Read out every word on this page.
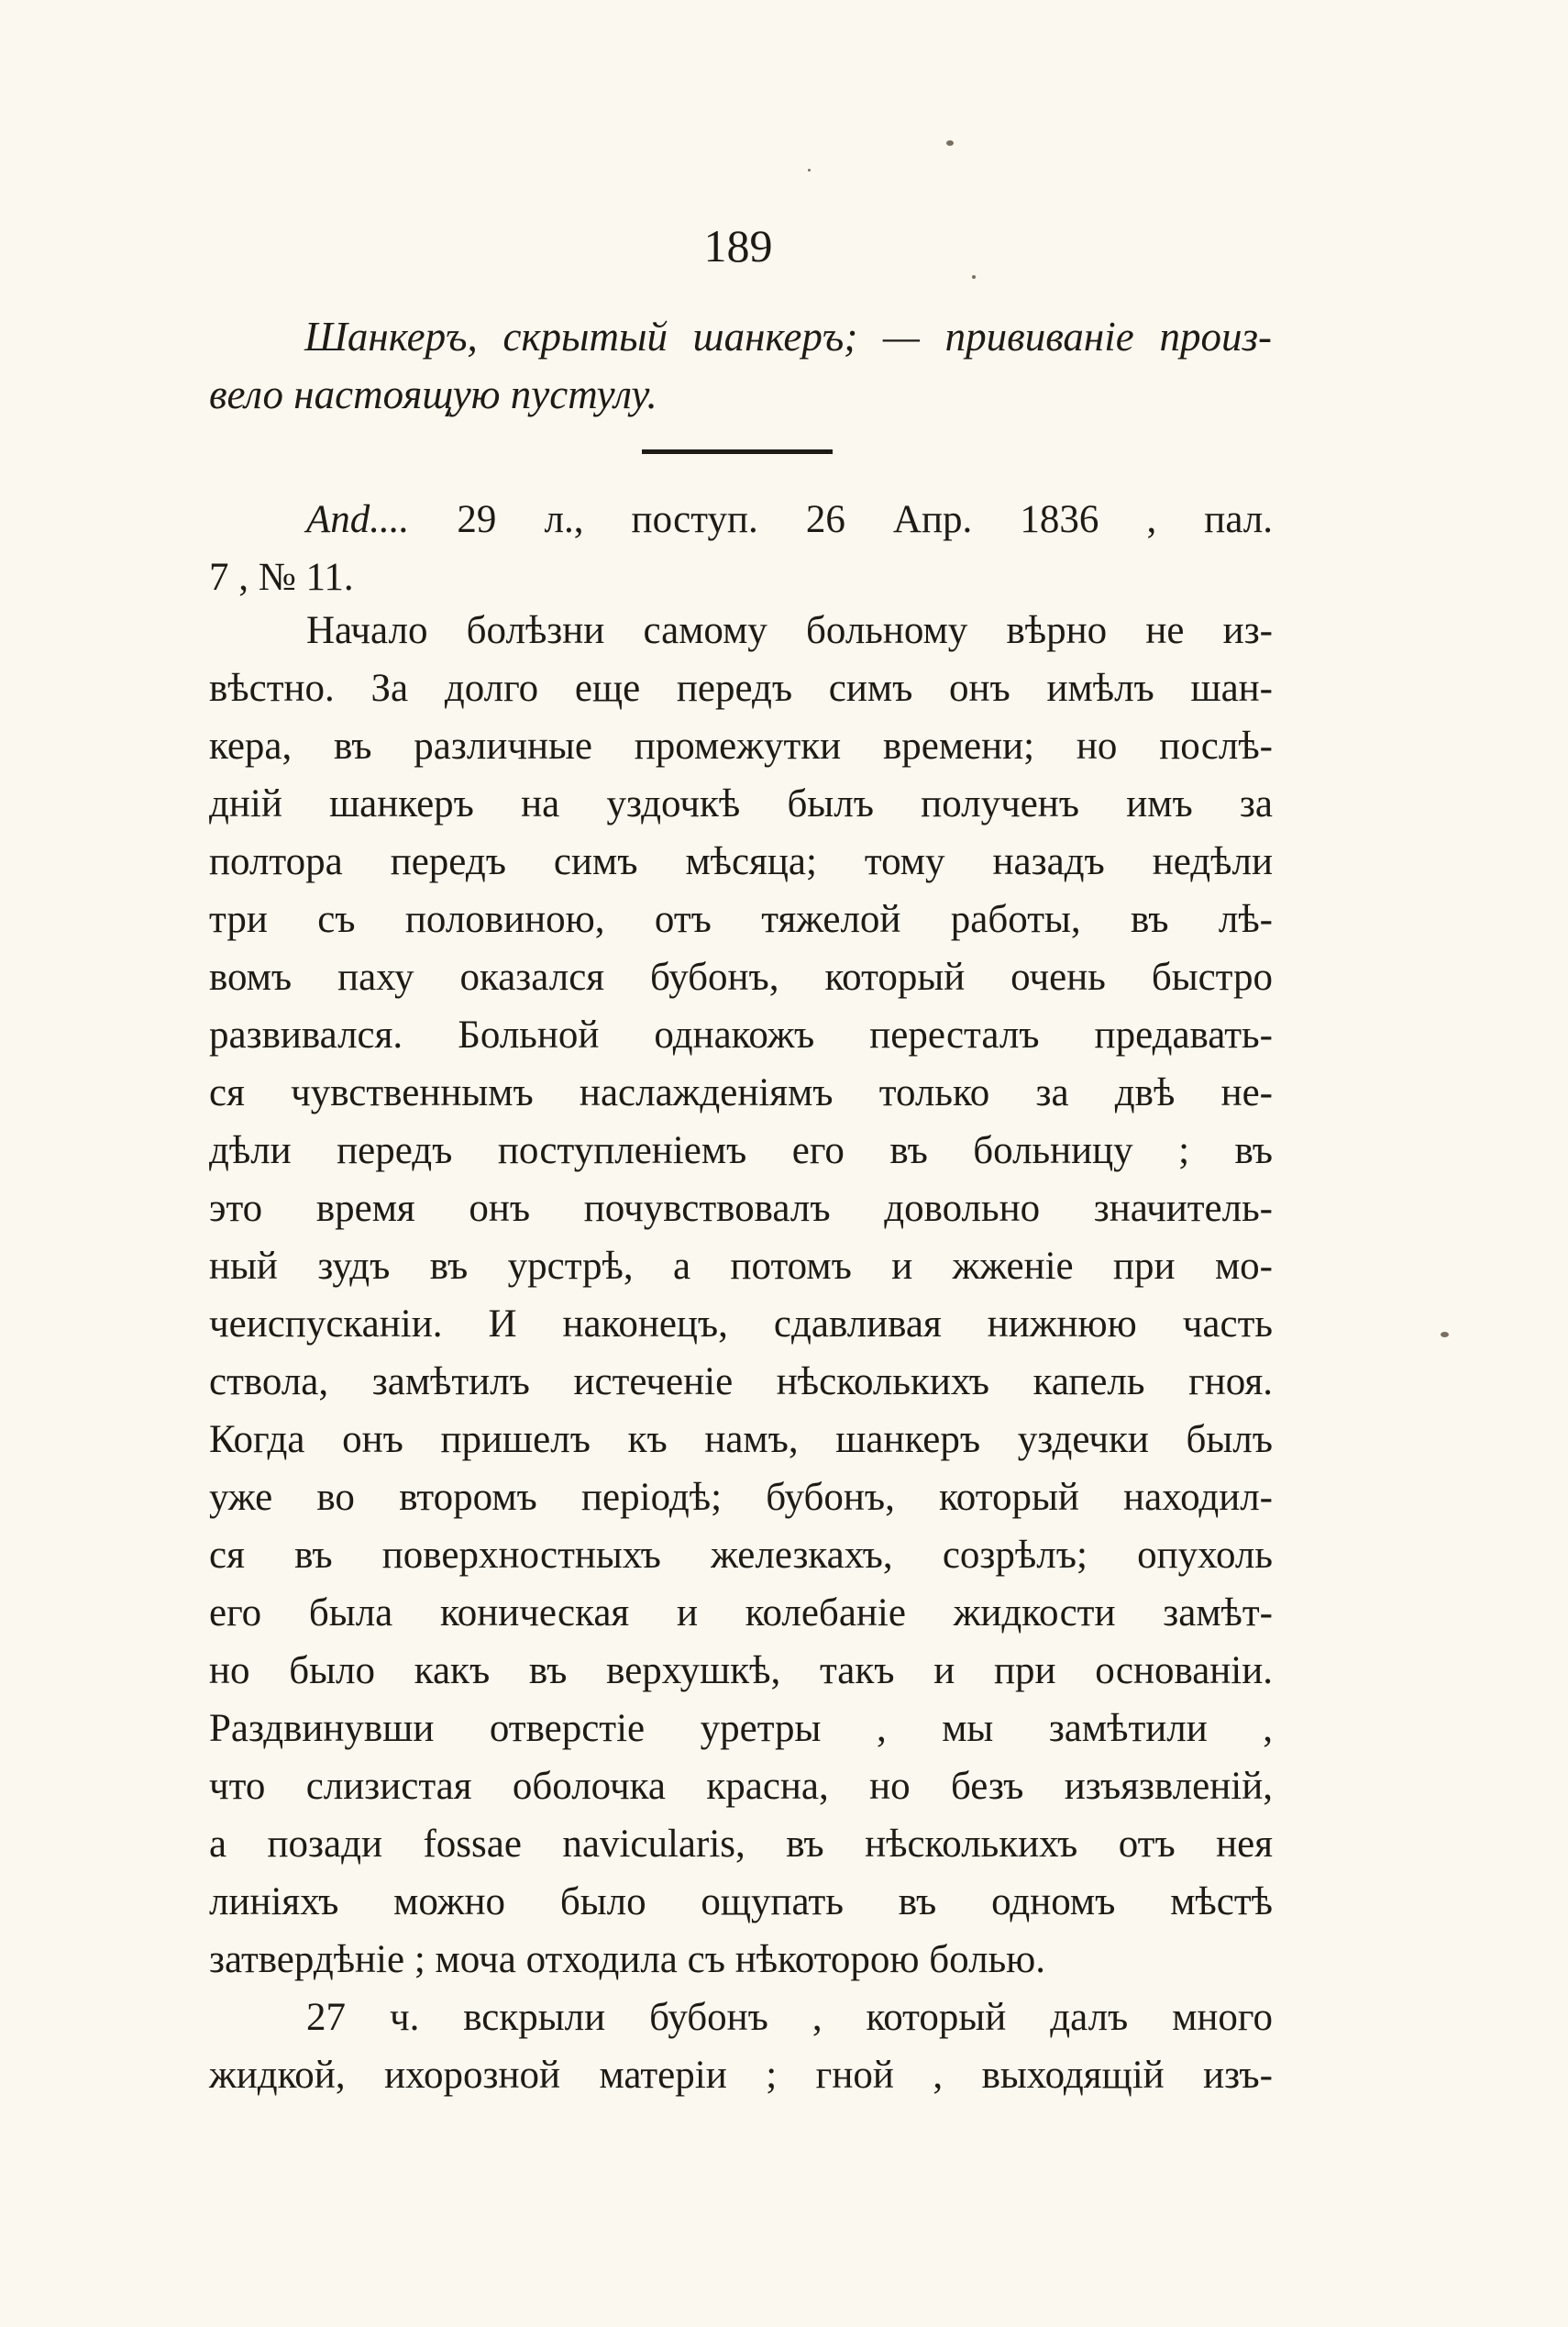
189
Шанкеръ, скрытый шанкеръ; — прививаніе произ-
вело настоящую пустулу.
And.... 29 л., поступ. 26 Апр. 1836 , пал.
7 , № 11.
Начало болѣзни самому больному вѣрно не из-
вѣстно. За долго еще передъ симъ онъ имѣлъ шан-
кера, въ различные промежутки времени; но послѣ-
дній шанкеръ на уздочкѣ былъ полученъ имъ за
полтора передъ симъ мѣсяца; тому назадъ недѣли
три съ половиною, отъ тяжелой работы, въ лѣ-
вомъ паху оказался бубонъ, который очень быстро
развивался. Больной однакожъ пересталъ предавать-
ся чувственнымъ наслажденіямъ только за двѣ не-
дѣли передъ поступленіемъ его въ больницу ; въ
это время онъ почувствовалъ довольно значитель-
ный зудъ въ урстрѣ, а потомъ и жженіе при мо-
чеиспусканіи. И наконецъ, сдавливая нижнюю часть
ствола, замѣтилъ истеченіе нѣсколькихъ капель гноя.
Когда онъ пришелъ къ намъ, шанкеръ уздечки былъ
уже во второмъ періодѣ; бубонъ, который находил-
ся въ поверхностныхъ железкахъ, созрѣлъ; опухоль
его была коническая и колебаніе жидкости замѣт-
но было какъ въ верхушкѣ, такъ и при основаніи.
Раздвинувши отверстіе уретры , мы замѣтили ,
что слизистая оболочка красна, но безъ изъязвленій,
а позади fossae navicularis, въ нѣсколькихъ отъ нея
линіяхъ можно было ощупать въ одномъ мѣстѣ
затвердѣніе ; моча отходила съ нѣкоторою болью.
27 ч. вскрыли бубонъ , который далъ много
жидкой, ихорозной матеріи ; гной , выходящій изъ-
